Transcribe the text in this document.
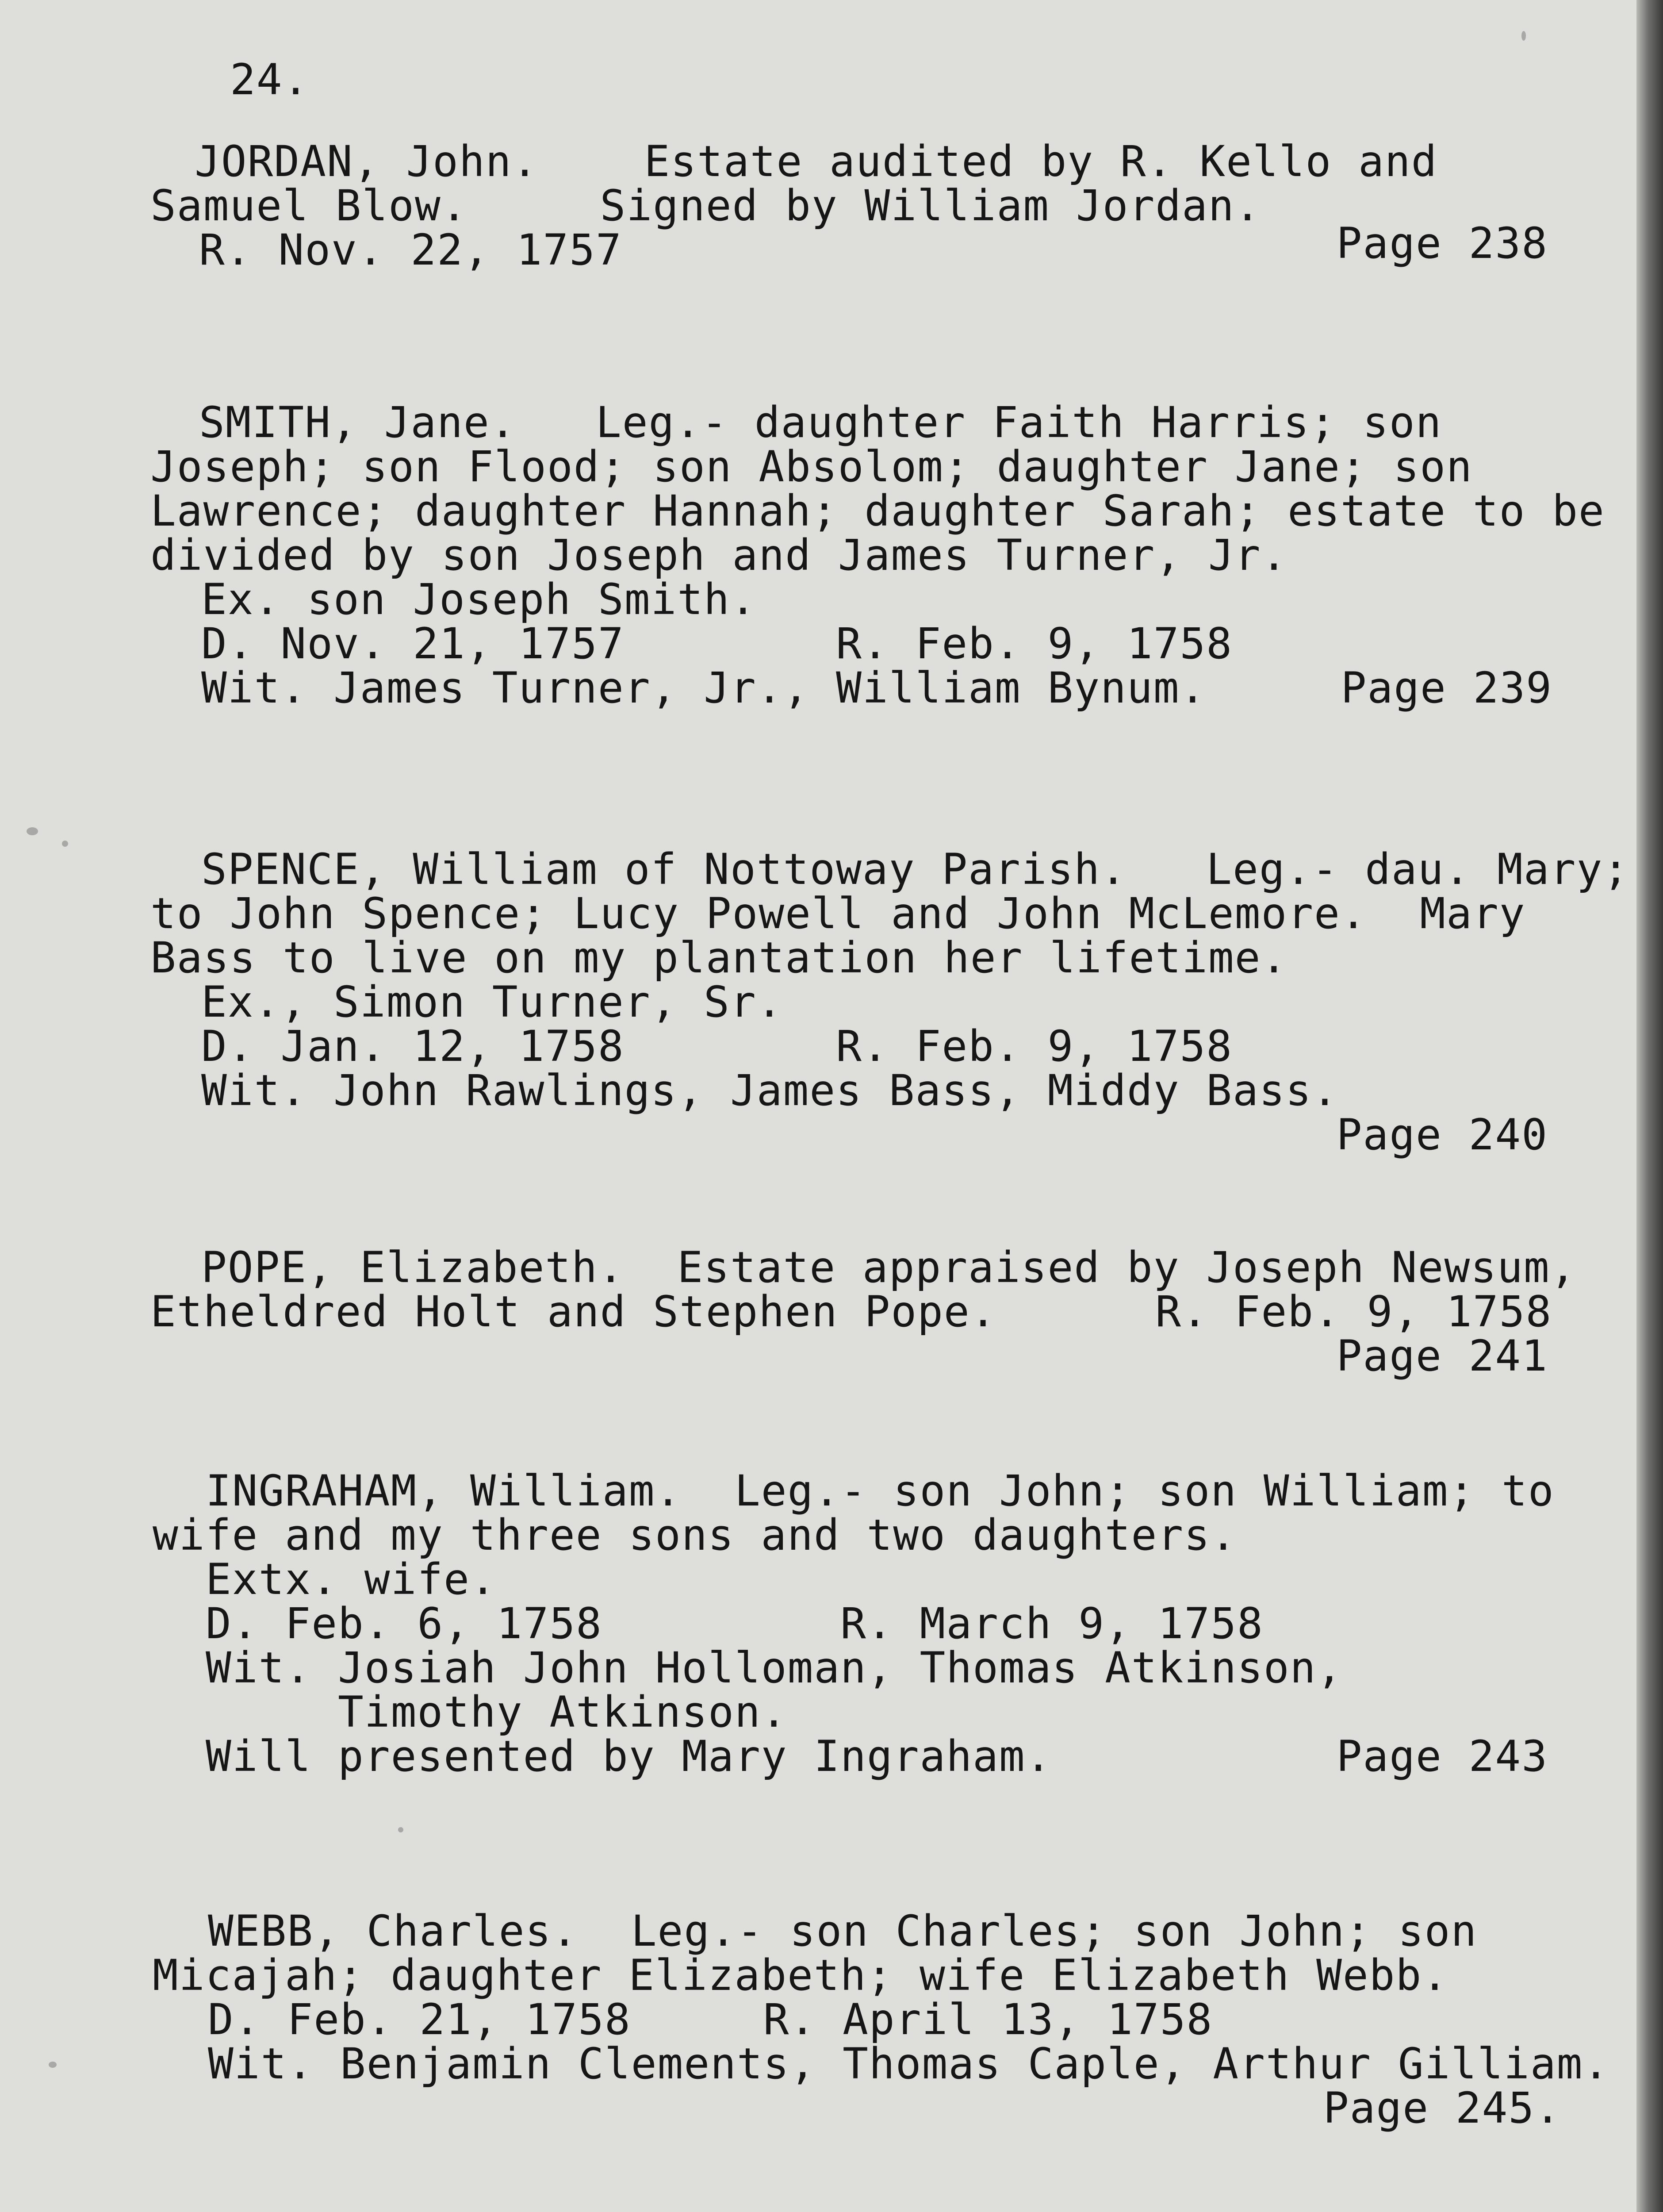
24.
JORDAN, John.    Estate audited by R. Kello and
Samuel Blow.     Signed by William Jordan.
R. Nov. 22, 1757	Page 238
SMITH, Jane.   Leg.- daughter Faith Harris; son
Joseph; son Flood; son Absolom; daughter Jane; son
Lawrence; daughter Hannah; daughter Sarah; estate to be
divided by son Joseph and James Turner, Jr.
Ex. son Joseph Smith.
D. Nov. 21, 1757        R. Feb. 9, 1758
Wit. James Turner, Jr., William Bynum.	Page 239
SPENCE, William of Nottoway Parish.   Leg.- dau. Mary;
to John Spence; Lucy Powell and John McLemore.  Mary
Bass to live on my plantation her lifetime.
Ex., Simon Turner, Sr.
D. Jan. 12, 1758        R. Feb. 9, 1758
Wit. John Rawlings, James Bass, Middy Bass.
Page 240
POPE, Elizabeth.  Estate appraised by Joseph Newsum,
Etheldred Holt and Stephen Pope.      R. Feb. 9, 1758
Page 241
INGRAHAM, William.  Leg.- son John; son William; to
wife and my three sons and two daughters.
Extx. wife.
D. Feb. 6, 1758         R. March 9, 1758
Wit. Josiah John Holloman, Thomas Atkinson,
Timothy Atkinson.
Will presented by Mary Ingraham.	Page 243
WEBB, Charles.  Leg.- son Charles; son John; son
Micajah; daughter Elizabeth; wife Elizabeth Webb.
D. Feb. 21, 1758     R. April 13, 1758
Wit. Benjamin Clements, Thomas Caple, Arthur Gilliam.
Page 245.
